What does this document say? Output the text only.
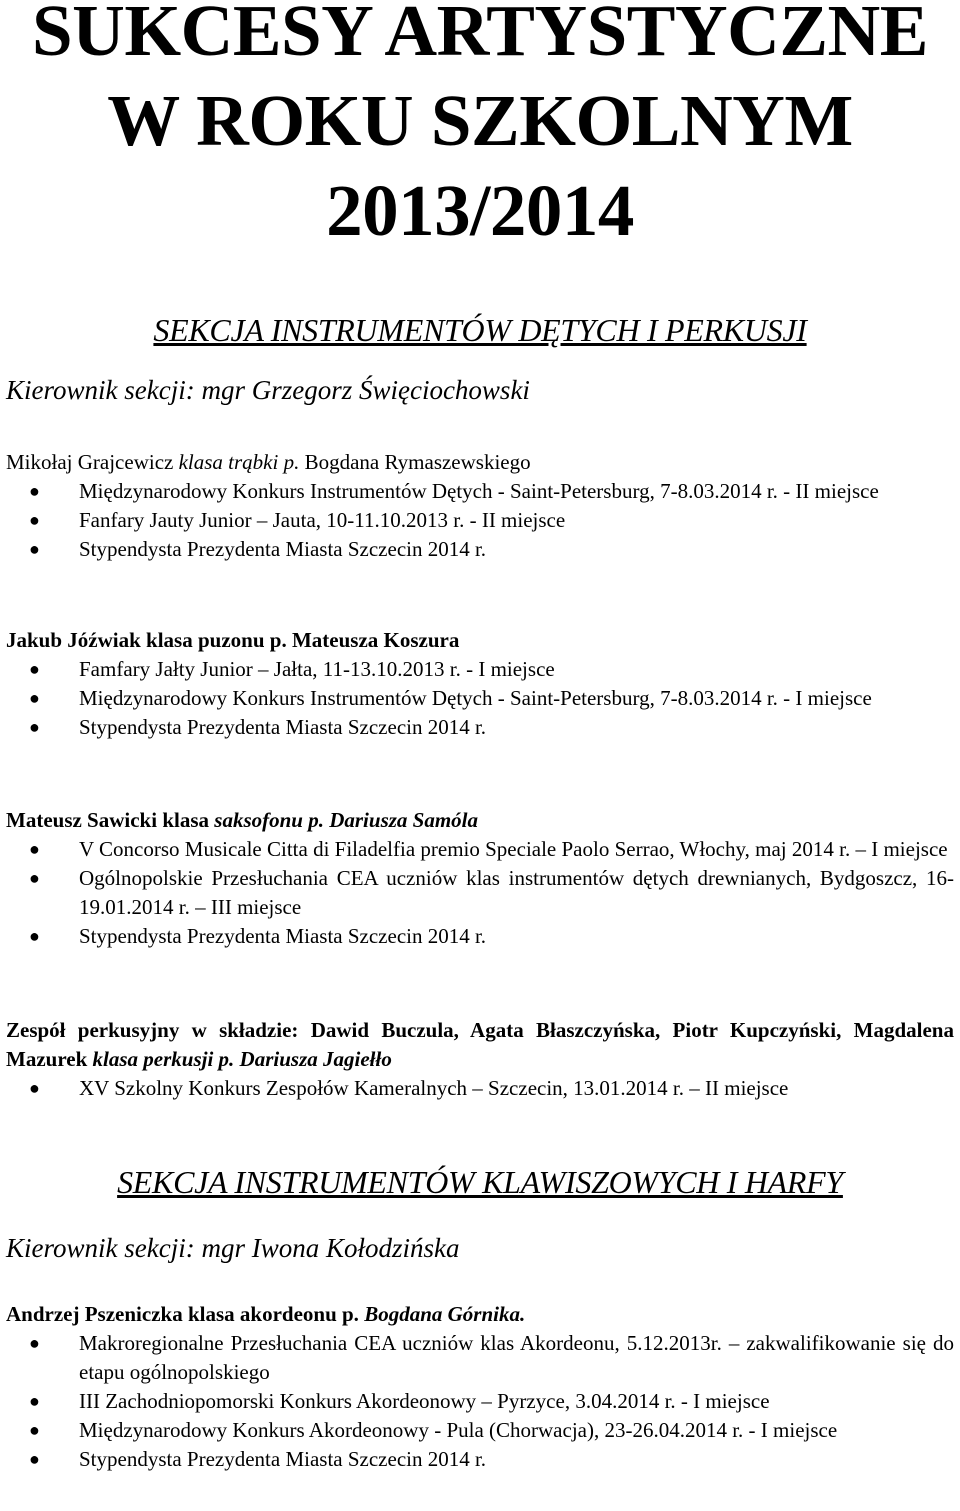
SUKCESY ARTYSTYCZNE

W ROKU SZKOLNYM

2013/2014

SEKCJA INSTRUMENTÓW DĘTYCH I PERKUSJI
Kierownik sekcji: mgr Grzegorz Święciochowski

Mikołaj Grajcewicz klasa trąbki p. Bogdana Rymaszewskiego

● Międzynarodowy Konkurs Instrumentów Dętych - Saint-Petersburg, 7-8.03.2014 r. - II miejsce
● Fanfary Jauty Junior – Jauta, 10-11.10.2013 r. - II miejsce
● Stypendysta Prezydenta Miasta Szczecin 2014 r.

Jakub Jóźwiak klasa puzonu p. Mateusza Koszura

● Famfary Jałty Junior – Jałta, 11-13.10.2013 r. - I miejsce
● Międzynarodowy Konkurs Instrumentów Dętych - Saint-Petersburg, 7-8.03.2014 r. - I miejsce
● Stypendysta Prezydenta Miasta Szczecin 2014 r.

Mateusz Sawicki klasa saksofonu p. Dariusza Samóla

● V Concorso Musicale Citta di Filadelfia premio Speciale Paolo Serrao, Włochy, maj 2014 r. – I miejsce
● Ogólnopolskie Przesłuchania CEA uczniów klas instrumentów dętych drewnianych, Bydgoszcz, 16-19.01.2014 r. – III miejsce
● Stypendysta Prezydenta Miasta Szczecin 2014 r.

Zespół perkusyjny w składzie: Dawid Buczula, Agata Błaszczyńska, Piotr Kupczyński, Magdalena Mazurek klasa perkusji p. Dariusza Jagiełło

● XV Szkolny Konkurs Zespołów Kameralnych – Szczecin, 13.01.2014 r. – II miejsce
SEKCJA INSTRUMENTÓW KLAWISZOWYCH I HARFY
Kierownik sekcji: mgr Iwona Kołodzińska

Andrzej Pszeniczka klasa akordeonu p. Bogdana Górnika.

● Makroregionalne Przesłuchania CEA uczniów klas Akordeonu, 5.12.2013r. – zakwalifikowanie się do etapu ogólnopolskiego
● III Zachodniopomorski Konkurs Akordeonowy – Pyrzyce, 3.04.2014 r. - I miejsce
● Międzynarodowy Konkurs Akordeonowy - Pula (Chorwacja), 23-26.04.2014 r. - I miejsce
● Stypendysta Prezydenta Miasta Szczecin 2014 r.
